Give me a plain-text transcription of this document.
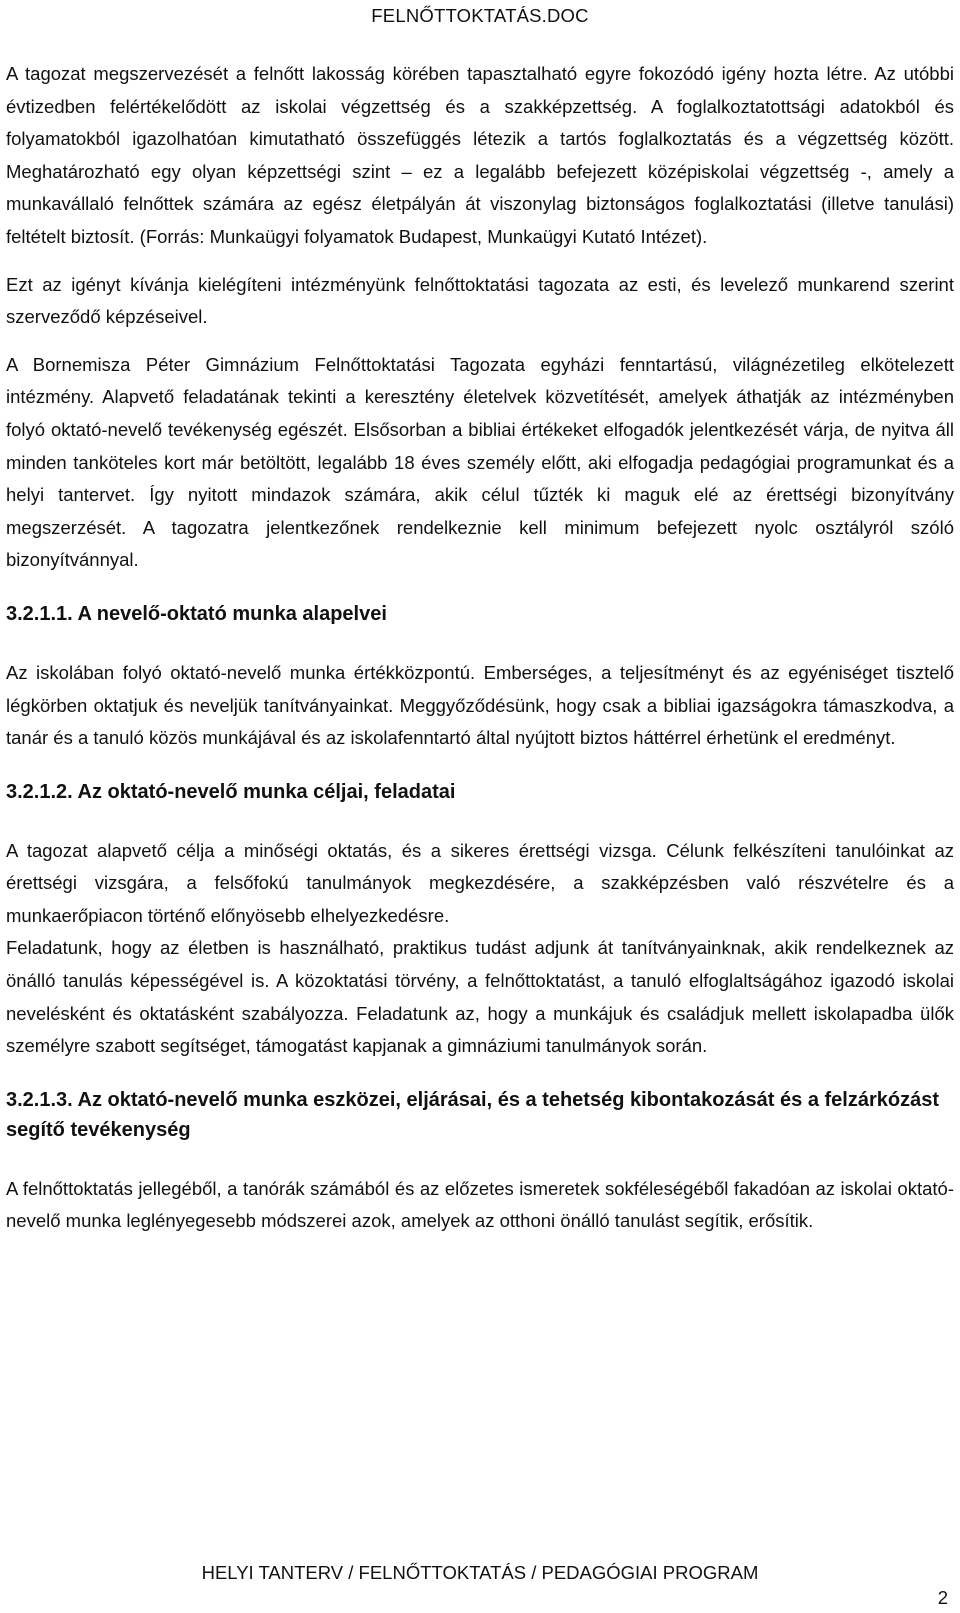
FELNŐTTOKTATÁS.DOC

A tagozat megszervezését a felnőtt lakosság körében tapasztalható egyre fokozódó igény hozta létre. Az utóbbi évtizedben felértékelődött az iskolai végzettség és a szakképzettség. A foglalkoztatottsági adatokból és folyamatokból igazolhatóan kimutatható összefüggés létezik a tartós foglalkoztatás és a végzettség között. Meghatározható egy olyan képzettségi szint – ez a legalább befejezett középiskolai végzettség -, amely a munkavállaló felnőttek számára az egész életpályán át viszonylag biztonságos foglalkoztatási (illetve tanulási) feltételt biztosít. (Forrás: Munkaügyi folyamatok Budapest, Munkaügyi Kutató Intézet).

Ezt az igényt kívánja kielégíteni intézményünk felnőttoktatási tagozata az esti, és levelező munkarend szerint szerveződő képzéseivel.

A Bornemisza Péter Gimnázium Felnőttoktatási Tagozata egyházi fenntartású, világnézetileg elkötelezett intézmény. Alapvető feladatának tekinti a keresztény életelvek közvetítését, amelyek áthatják az intézményben folyó oktató-nevelő tevékenység egészét. Elsősorban a bibliai értékeket elfogadók jelentkezését várja, de nyitva áll minden tanköteles kort már betöltött, legalább 18 éves személy előtt, aki elfogadja pedagógiai programunkat és a helyi tantervet. Így nyitott mindazok számára, akik célul tűzték ki maguk elé az érettségi bizonyítvány megszerzését. A tagozatra jelentkezőnek rendelkeznie kell minimum befejezett nyolc osztályról szóló bizonyítvánnyal.

3.2.1.1. A nevelő-oktató munka alapelvei

Az iskolában folyó oktató-nevelő munka értékközpontú. Emberséges, a teljesítményt és az egyéniséget tisztelő légkörben oktatjuk és neveljük tanítványainkat. Meggyőződésünk, hogy csak a bibliai igazságokra támaszkodva, a tanár és a tanuló közös munkájával és az iskolafenntartó által nyújtott biztos háttérrel érhetünk el eredményt.

3.2.1.2. Az oktató-nevelő munka céljai, feladatai

A tagozat alapvető célja a minőségi oktatás, és a sikeres érettségi vizsga. Célunk felkészíteni tanulóinkat az érettségi vizsgára, a felsőfokú tanulmányok megkezdésére, a szakképzésben való részvételre és a munkaerőpiacon történő előnyösebb elhelyezkedésre.

Feladatunk, hogy az életben is használható, praktikus tudást adjunk át tanítványainknak, akik rendelkeznek az önálló tanulás képességével is. A közoktatási törvény, a felnőttoktatást, a tanuló elfoglaltságához igazodó iskolai nevelésként és oktatásként szabályozza. Feladatunk az, hogy a munkájuk és családjuk mellett iskolapadba ülők személyre szabott segítséget, támogatást kapjanak a gimnáziumi tanulmányok során.

3.2.1.3. Az oktató-nevelő munka eszközei, eljárásai, és a tehetség kibontakozását és a felzárkózást segítő tevékenység

A felnőttoktatás jellegéből, a tanórák számából és az előzetes ismeretek sokféleségéből fakadóan az iskolai oktató-nevelő munka leglényegesebb módszerei azok, amelyek az otthoni önálló tanulást segítik, erősítik.

HELYI TANTERV / FELNŐTTOKTATÁS / PEDAGÓGIAI PROGRAM
2
